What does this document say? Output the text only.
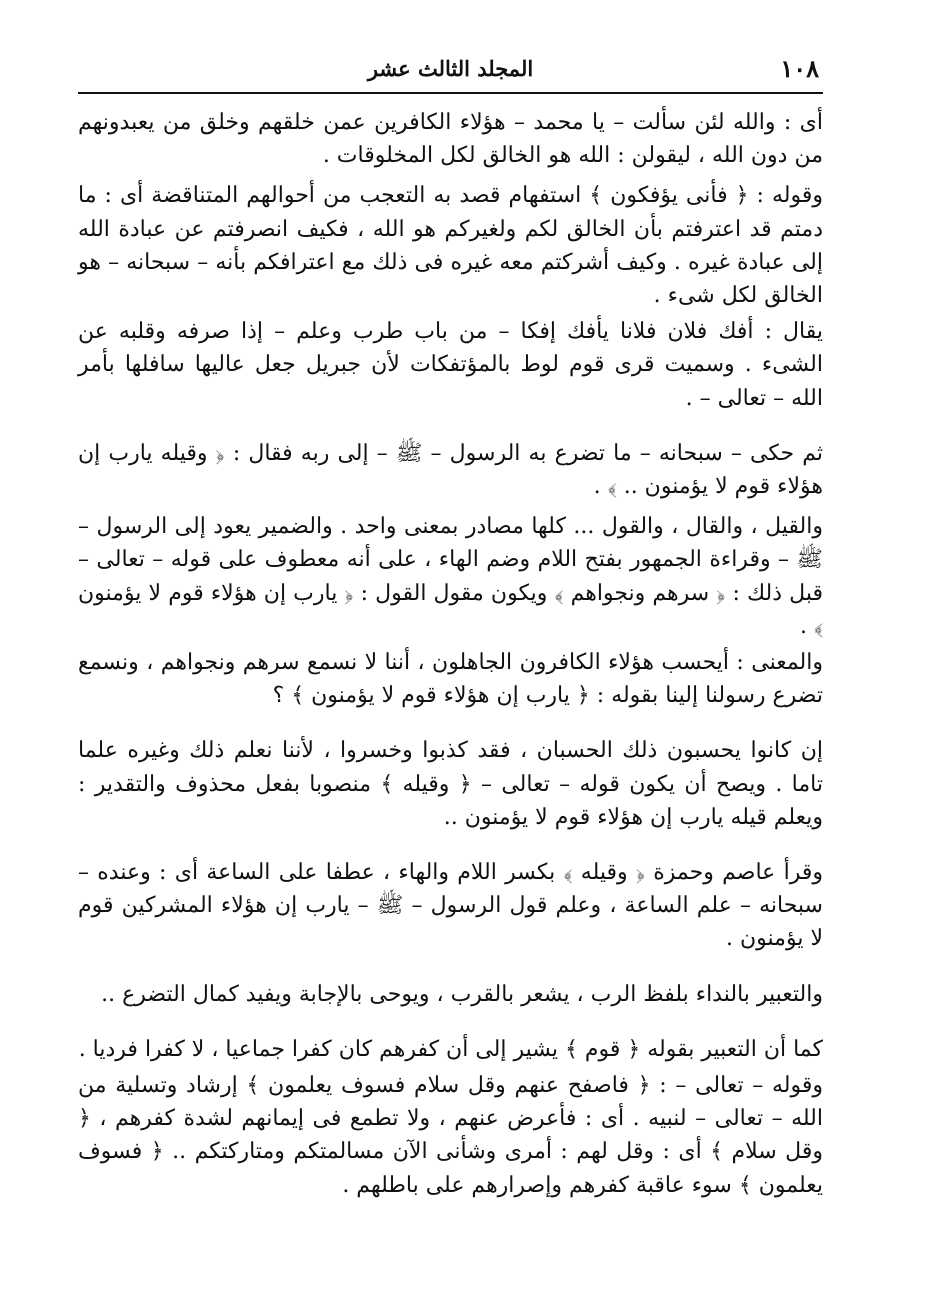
١٠٨
المجلد الثالث عشر

أى : والله لئن سألت – يا محمد – هؤلاء الكافرين عمن خلقهم وخلق من يعبدونهم من دون الله ، ليقولن : الله هو الخالق لكل المخلوقات .

وقوله : ﴿ فأنى يؤفكون ﴾ استفهام قصد به التعجب من أحوالهم المتناقضة أى : ما دمتم قد اعترفتم بأن الخالق لكم ولغيركم هو الله ، فكيف انصرفتم عن عبادة الله إلى عبادة غيره . وكيف أشركتم معه غيره فى ذلك مع اعترافكم بأنه – سبحانه – هو الخالق لكل شىء .

يقال : أفك فلان فلانا يأفك إفكا – من باب طرب وعلم – إذا صرفه وقلبه عن الشىء . وسميت قرى قوم لوط بالمؤتفكات لأن جبريل جعل عاليها سافلها بأمر الله – تعالى – .

ثم حكى – سبحانه – ما تضرع به الرسول – ﷺ – إلى ربه فقال : ﴿ وقيله يارب إن هؤلاء قوم لا يؤمنون .. ﴾ .

والقيل ، والقال ، والقول ... كلها مصادر بمعنى واحد . والضمير يعود إلى الرسول – ﷺ – وقراءة الجمهور بفتح اللام وضم الهاء ، على أنه معطوف على قوله – تعالى – قبل ذلك : ﴿ سرهم ونجواهم ﴾ ويكون مقول القول : ﴿ يارب إن هؤلاء قوم لا يؤمنون ﴾ .

والمعنى : أيحسب هؤلاء الكافرون الجاهلون ، أننا لا نسمع سرهم ونجواهم ، ونسمع تضرع رسولنا إلينا بقوله : ﴿ يارب إن هؤلاء قوم لا يؤمنون ﴾ ؟

إن كانوا يحسبون ذلك الحسبان ، فقد كذبوا وخسروا ، لأننا نعلم ذلك وغيره علما تاما . ويصح أن يكون قوله – تعالى – ﴿ وقيله ﴾ منصوبا بفعل محذوف والتقدير : ويعلم قيله يارب إن هؤلاء قوم لا يؤمنون ..

وقرأ عاصم وحمزة ﴿ وقيله ﴾ بكسر اللام والهاء ، عطفا على الساعة أى : وعنده – سبحانه – علم الساعة ، وعلم قول الرسول – ﷺ – يارب إن هؤلاء المشركين قوم لا يؤمنون .

والتعبير بالنداء بلفظ الرب ، يشعر بالقرب ، ويوحى بالإجابة ويفيد كمال التضرع ..

كما أن التعبير بقوله ﴿ قوم ﴾ يشير إلى أن كفرهم كان كفرا جماعيا ، لا كفرا فرديا .

وقوله – تعالى – : ﴿ فاصفح عنهم وقل سلام فسوف يعلمون ﴾ إرشاد وتسلية من الله – تعالى – لنبيه . أى : فأعرض عنهم ، ولا تطمع فى إيمانهم لشدة كفرهم ، ﴿ وقل سلام ﴾ أى : وقل لهم : أمرى وشأنى الآن مسالمتكم ومتاركتكم .. ﴿ فسوف يعلمون ﴾ سوء عاقبة كفرهم وإصرارهم على باطلهم .
